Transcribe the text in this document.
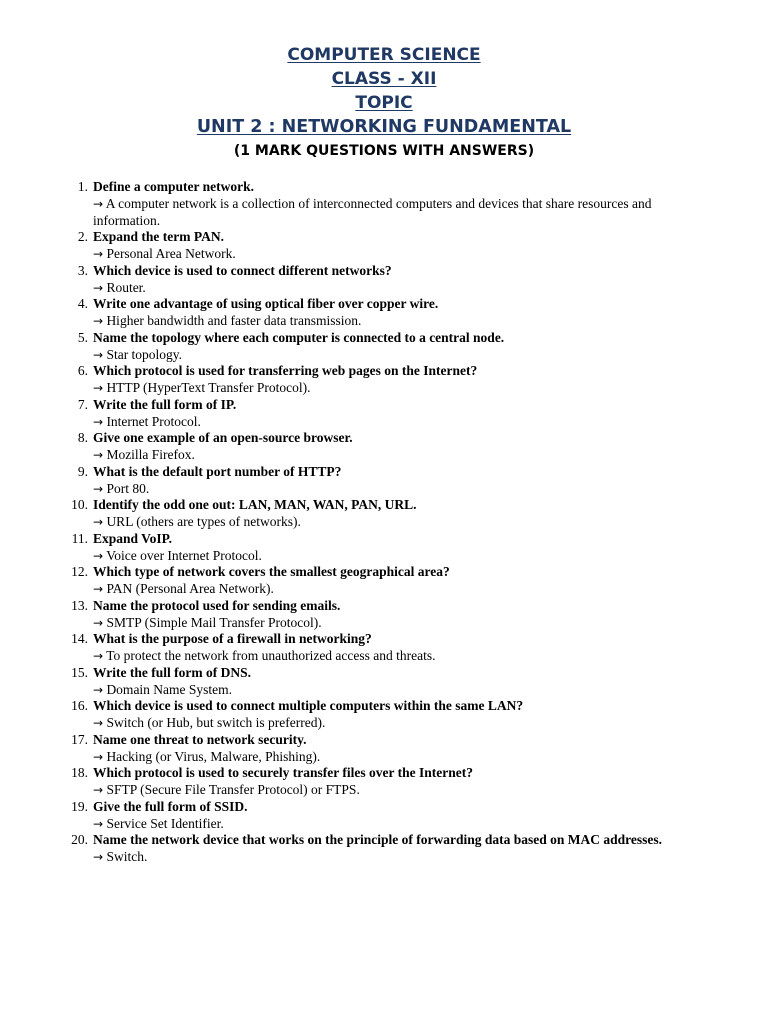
COMPUTER SCIENCE
CLASS - XII
TOPIC
UNIT 2 : NETWORKING FUNDAMENTAL
(1 MARK QUESTIONS WITH ANSWERS)
1. Define a computer network.
→ A computer network is a collection of interconnected computers and devices that share resources and information.
2. Expand the term PAN.
→ Personal Area Network.
3. Which device is used to connect different networks?
→ Router.
4. Write one advantage of using optical fiber over copper wire.
→ Higher bandwidth and faster data transmission.
5. Name the topology where each computer is connected to a central node.
→ Star topology.
6. Which protocol is used for transferring web pages on the Internet?
→ HTTP (HyperText Transfer Protocol).
7. Write the full form of IP.
→ Internet Protocol.
8. Give one example of an open-source browser.
→ Mozilla Firefox.
9. What is the default port number of HTTP?
→ Port 80.
10. Identify the odd one out: LAN, MAN, WAN, PAN, URL.
→ URL (others are types of networks).
11. Expand VoIP.
→ Voice over Internet Protocol.
12. Which type of network covers the smallest geographical area?
→ PAN (Personal Area Network).
13. Name the protocol used for sending emails.
→ SMTP (Simple Mail Transfer Protocol).
14. What is the purpose of a firewall in networking?
→ To protect the network from unauthorized access and threats.
15. Write the full form of DNS.
→ Domain Name System.
16. Which device is used to connect multiple computers within the same LAN?
→ Switch (or Hub, but switch is preferred).
17. Name one threat to network security.
→ Hacking (or Virus, Malware, Phishing).
18. Which protocol is used to securely transfer files over the Internet?
→ SFTP (Secure File Transfer Protocol) or FTPS.
19. Give the full form of SSID.
→ Service Set Identifier.
20. Name the network device that works on the principle of forwarding data based on MAC addresses.
→ Switch.
